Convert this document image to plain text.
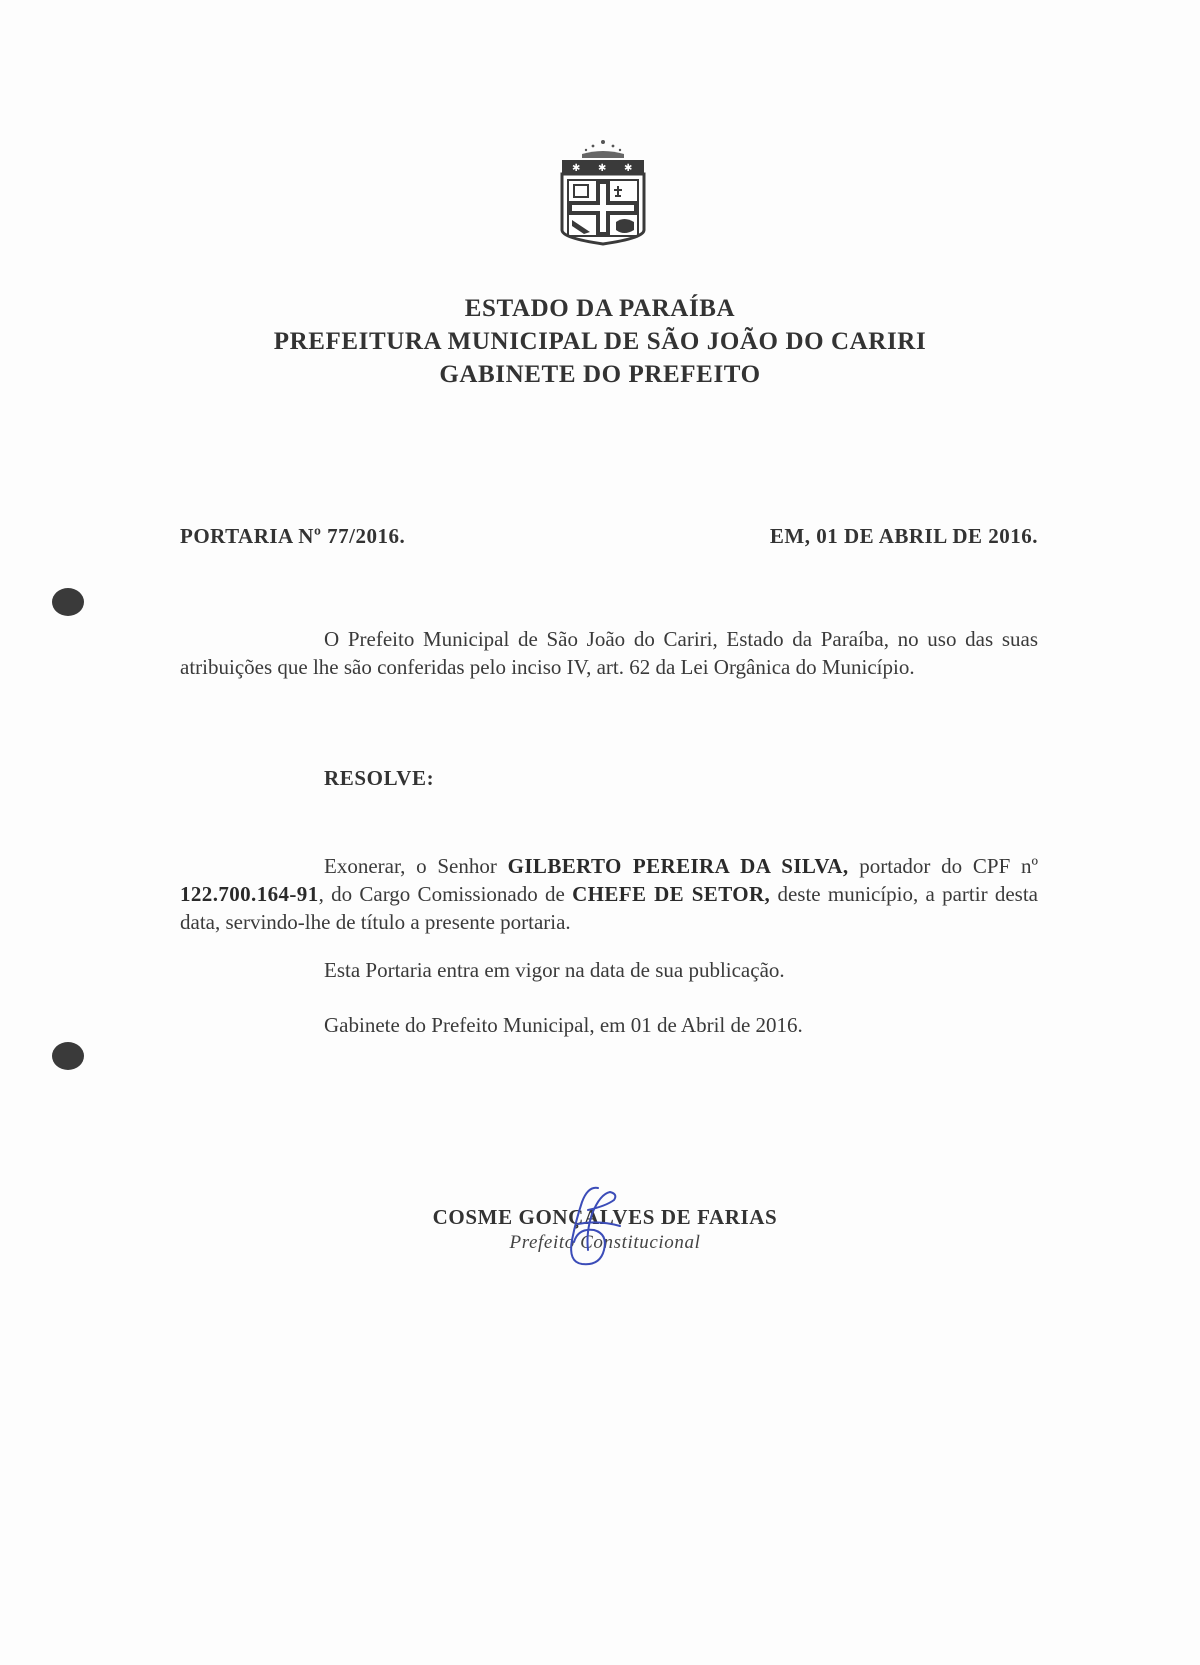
✱ ✱ ✱
ESTADO DA PARAÍBA
PREFEITURA MUNICIPAL DE SÃO JOÃO DO CARIRI
GABINETE DO PREFEITO
PORTARIA Nº 77/2016.	EM, 01 DE ABRIL DE 2016.
O Prefeito Municipal de São João do Cariri, Estado da Paraíba, no uso das suas atribuições que lhe são conferidas pelo inciso IV, art. 62 da Lei Orgânica do Município.
RESOLVE:
Exonerar, o Senhor GILBERTO PEREIRA DA SILVA, portador do CPF nº 122.700.164-91, do Cargo Comissionado de CHEFE DE SETOR, deste município, a partir desta data, servindo-lhe de título a presente portaria.
Esta Portaria entra em vigor na data de sua publicação.
Gabinete do Prefeito Municipal, em 01 de Abril de 2016.
COSME GONÇALVES DE FARIAS
Prefeito Constitucional
